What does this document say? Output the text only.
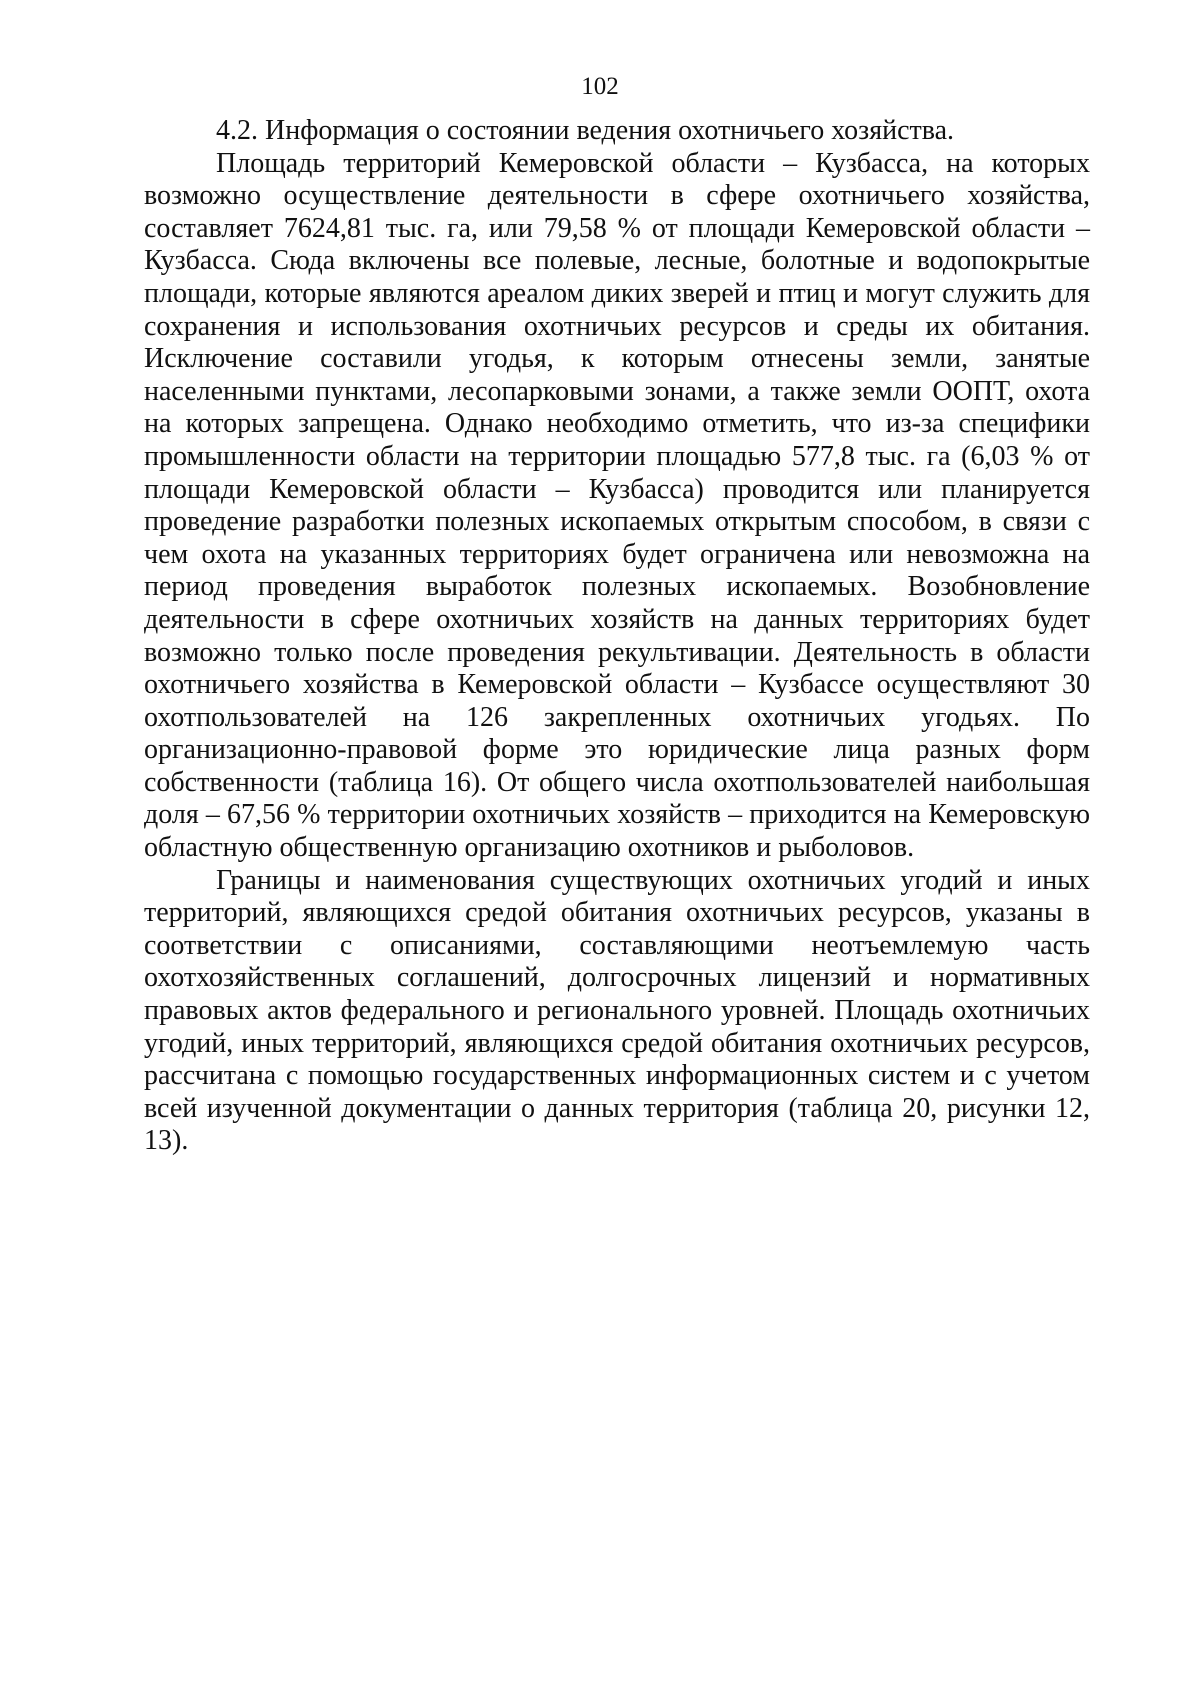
102
4.2. Информация о состоянии ведения охотничьего хозяйства.

Площадь территорий Кемеровской области – Кузбасса, на которых возможно осуществление деятельности в сфере охотничьего хозяйства, составляет 7624,81 тыс. га, или 79,58 % от площади Кемеровской области – Кузбасса. Сюда включены все полевые, лесные, болотные и водопокрытые площади, которые являются ареалом диких зверей и птиц и могут служить для сохранения и использования охотничьих ресурсов и среды их обитания. Исключение составили угодья, к которым отнесены земли, занятые населенными пунктами, лесопарковыми зонами, а также земли ООПТ, охота на которых запрещена. Однако необходимо отметить, что из-за специфики промышленности области на территории площадью 577,8 тыс. га (6,03 % от площади Кемеровской области – Кузбасса) проводится или планируется проведение разработки полезных ископаемых открытым способом, в связи с чем охота на указанных территориях будет ограничена или невозможна на период проведения выработок полезных ископаемых. Возобновление деятельности в сфере охотничьих хозяйств на данных территориях будет возможно только после проведения рекультивации. Деятельность в области охотничьего хозяйства в Кемеровской области – Кузбассе осуществляют 30 охотпользователей на 126 закрепленных охотничьих угодьях. По организационно-правовой форме это юридические лица разных форм собственности (таблица 16). От общего числа охотпользователей наибольшая доля – 67,56 % территории охотничьих хозяйств – приходится на Кемеровскую областную общественную организацию охотников и рыболовов.

Границы и наименования существующих охотничьих угодий и иных территорий, являющихся средой обитания охотничьих ресурсов, указаны в соответствии с описаниями, составляющими неотъемлемую часть охотхозяйственных соглашений, долгосрочных лицензий и нормативных правовых актов федерального и регионального уровней. Площадь охотничьих угодий, иных территорий, являющихся средой обитания охотничьих ресурсов, рассчитана с помощью государственных информационных систем и с учетом всей изученной документации о данных территория (таблица 20, рисунки 12, 13).
